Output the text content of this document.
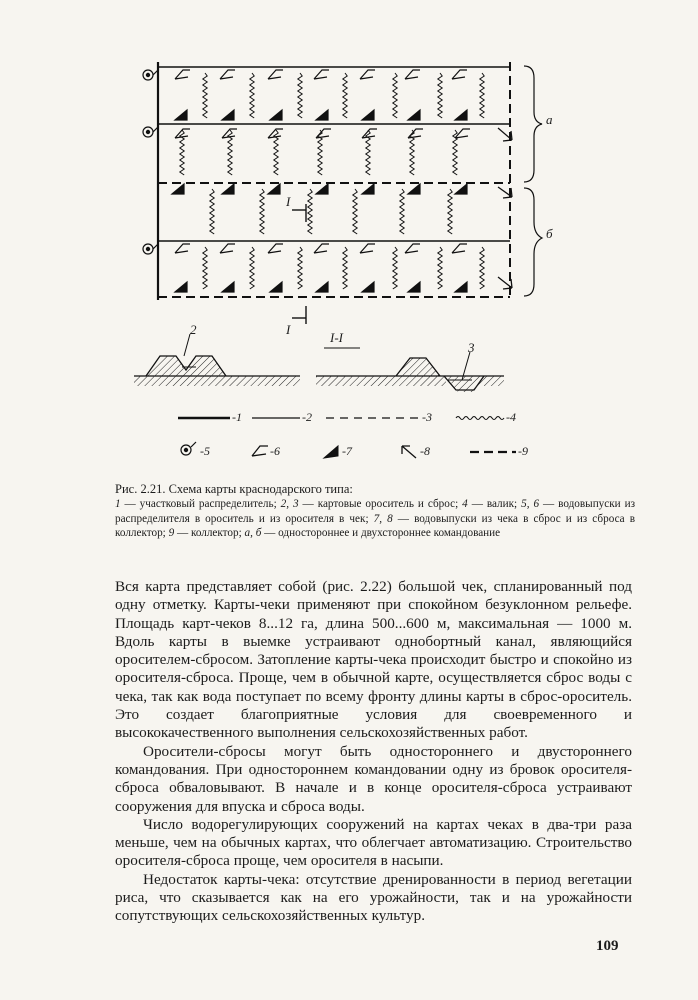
I
I
а
б
I-I
2
3
-1	-2	-3	-4
-5	-6	-7	-8	-9
Рис. 2.21. Схема карты краснодарского типа:
1 — участковый распределитель; 2, 3 — картовые ороситель и сброс; 4 — валик; 5, 6 — водовыпуски из распределителя в ороситель и из оросителя в чек; 7, 8 — водовыпуски из чека в сброс и из сброса в коллектор; 9 — коллектор; а, б — одностороннее и двухстороннее командование

Вся карта представляет собой (рис. 2.22) большой чек, спланированный под одну отметку. Карты-чеки применяют при спокойном безуклонном рельефе. Площадь карт-чеков 8...12 га, длина 500...600 м, максимальная — 1000 м. Вдоль карты в выемке устраивают однобортный канал, являющийся оросителем-сбросом. Затопление карты-чека происходит быстро и спокойно из оросителя-сброса. Проще, чем в обычной карте, осуществляется сброс воды с чека, так как вода поступает по всему фронту длины карты в сброс-ороситель. Это создает благоприятные условия для своевременного и высококачественного выполнения сельскохозяйственных работ.

Оросители-сбросы могут быть одностороннего и двустороннего командования. При одностороннем командовании одну из бровок оросителя-сброса обваловывают. В начале и в конце оросителя-сброса устраивают сооружения для впуска и сброса воды.

Число водорегулирующих сооружений на картах чеках в два-три раза меньше, чем на обычных картах, что облегчает автоматизацию. Строительство оросителя-сброса проще, чем оросителя в насыпи.

Недостаток карты-чека: отсутствие дренированности в период вегетации риса, что сказывается как на его урожайности, так и на урожайности сопутствующих сельскохозяйственных культур.

109
